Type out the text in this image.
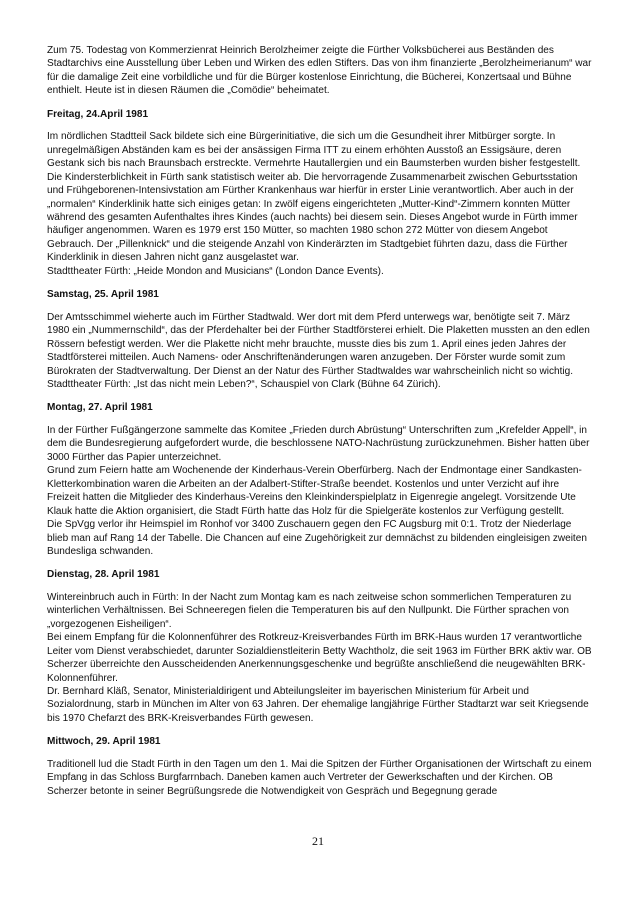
Zum 75. Todestag von Kommerzienrat Heinrich Berolzheimer zeigte die Fürther Volksbücherei aus Beständen des Stadtarchivs eine Ausstellung über Leben und Wirken des edlen Stifters. Das von ihm finanzierte „Berolzheimerianum“ war für die damalige Zeit eine vorbildliche und für die Bürger kostenlose Einrichtung, die Bücherei, Konzertsaal und Bühne enthielt. Heute ist in diesen Räumen die „Comödie“ beheimatet.

Freitag, 24.April 1981

Im nördlichen Stadtteil Sack bildete sich eine Bürgerinitiative, die sich um die Gesundheit ihrer Mitbürger sorgte. In unregelmäßigen Abständen kam es bei der ansässigen Firma ITT zu einem erhöhten Ausstoß an Essigsäure, deren Gestank sich bis nach Braunsbach erstreckte. Vermehrte Hautallergien und ein Baumsterben wurden bisher festgestellt.

Die Kindersterblichkeit in Fürth sank statistisch weiter ab. Die hervorragende Zusammenarbeit zwischen Geburtsstation und Frühgeborenen-Intensivstation am Fürther Krankenhaus war hierfür in erster Linie verantwortlich. Aber auch in der „normalen“ Kinderklinik hatte sich einiges getan: In zwölf eigens eingerichteten „Mutter-Kind“-Zimmern konnten Mütter während des gesamten Aufenthaltes ihres Kindes (auch nachts) bei diesem sein. Dieses Angebot wurde in Fürth immer häufiger angenommen. Waren es 1979 erst 150 Mütter, so machten 1980 schon 272 Mütter von diesem Angebot Gebrauch. Der „Pillenknick“ und die steigende Anzahl von Kinderärzten im Stadtgebiet führten dazu, dass die Fürther Kinderklinik in diesen Jahren nicht ganz ausgelastet war.

Stadttheater Fürth: „Heide Mondon and Musicians“ (London Dance Events).

Samstag, 25. April 1981

Der Amtsschimmel wieherte auch im Fürther Stadtwald. Wer dort mit dem Pferd unterwegs war, benötigte seit 7. März 1980 ein „Nummernschild“, das der Pferdehalter bei der Fürther Stadtförsterei erhielt. Die Plaketten mussten an den edlen Rössern befestigt werden. Wer die Plakette nicht mehr brauchte, musste dies bis zum 1. April eines jeden Jahres der Stadtförsterei mitteilen. Auch Namens- oder Anschriftenänderungen waren anzugeben. Der Förster wurde somit zum Bürokraten der Stadtverwaltung. Der Dienst an der Natur des Fürther Stadtwaldes war wahrscheinlich nicht so wichtig.

Stadttheater Fürth: „Ist das nicht mein Leben?“, Schauspiel von Clark (Bühne 64 Zürich).

Montag, 27. April 1981

In der Fürther Fußgängerzone sammelte das Komitee „Frieden durch Abrüstung“ Unterschriften zum „Krefelder Appell“, in dem die Bundesregierung aufgefordert wurde, die beschlossene NATO-Nachrüstung zurückzunehmen. Bisher hatten über 3000 Fürther das Papier unterzeichnet.

Grund zum Feiern hatte am Wochenende der Kinderhaus-Verein Oberfürberg. Nach der Endmontage einer Sandkasten-Kletterkombination waren die Arbeiten an der Adalbert-Stifter-Straße beendet. Kostenlos und unter Verzicht auf ihre Freizeit hatten die Mitglieder des Kinderhaus-Vereins den Kleinkinderspielplatz in Eigenregie angelegt. Vorsitzende Ute Klauk hatte die Aktion organisiert, die Stadt Fürth hatte das Holz für die Spielgeräte kostenlos zur Verfügung gestellt.

Die SpVgg verlor ihr Heimspiel im Ronhof vor 3400 Zuschauern gegen den FC Augsburg mit 0:1. Trotz der Niederlage blieb man auf Rang 14 der Tabelle. Die Chancen auf eine Zugehörigkeit zur demnächst zu bildenden eingleisigen zweiten Bundesliga schwanden.

Dienstag, 28. April 1981

Wintereinbruch auch in Fürth: In der Nacht zum Montag kam es nach zeitweise schon sommerlichen Temperaturen zu winterlichen Verhältnissen. Bei Schneeregen fielen die Temperaturen bis auf den Nullpunkt. Die Fürther sprachen von „vorgezogenen Eisheiligen“.

Bei einem Empfang für die Kolonnenführer des Rotkreuz-Kreisverbandes Fürth im BRK-Haus wurden 17 verantwortliche Leiter vom Dienst verabschiedet, darunter Sozialdienstleiterin Betty Wachtholz, die seit 1963 im Fürther BRK aktiv war. OB Scherzer überreichte den Ausscheidenden Anerkennungsgeschenke und begrüßte anschließend die neugewählten BRK- Kolonnenführer.

Dr. Bernhard Kläß, Senator, Ministerialdirigent und Abteilungsleiter im bayerischen Ministerium für Arbeit und Sozialordnung, starb in München im Alter von 63 Jahren. Der ehemalige langjährige Fürther Stadtarzt war seit Kriegsende bis 1970 Chefarzt des BRK-Kreisverbandes Fürth gewesen.

Mittwoch, 29. April 1981

Traditionell lud die Stadt Fürth in den Tagen um den 1. Mai die Spitzen der Fürther Organisationen der Wirtschaft zu einem Empfang in das Schloss Burgfarrnbach. Daneben kamen auch Vertreter der Gewerkschaften und der Kirchen. OB Scherzer betonte in seiner Begrüßungsrede die Notwendigkeit von Gespräch und Begegnung gerade

21
